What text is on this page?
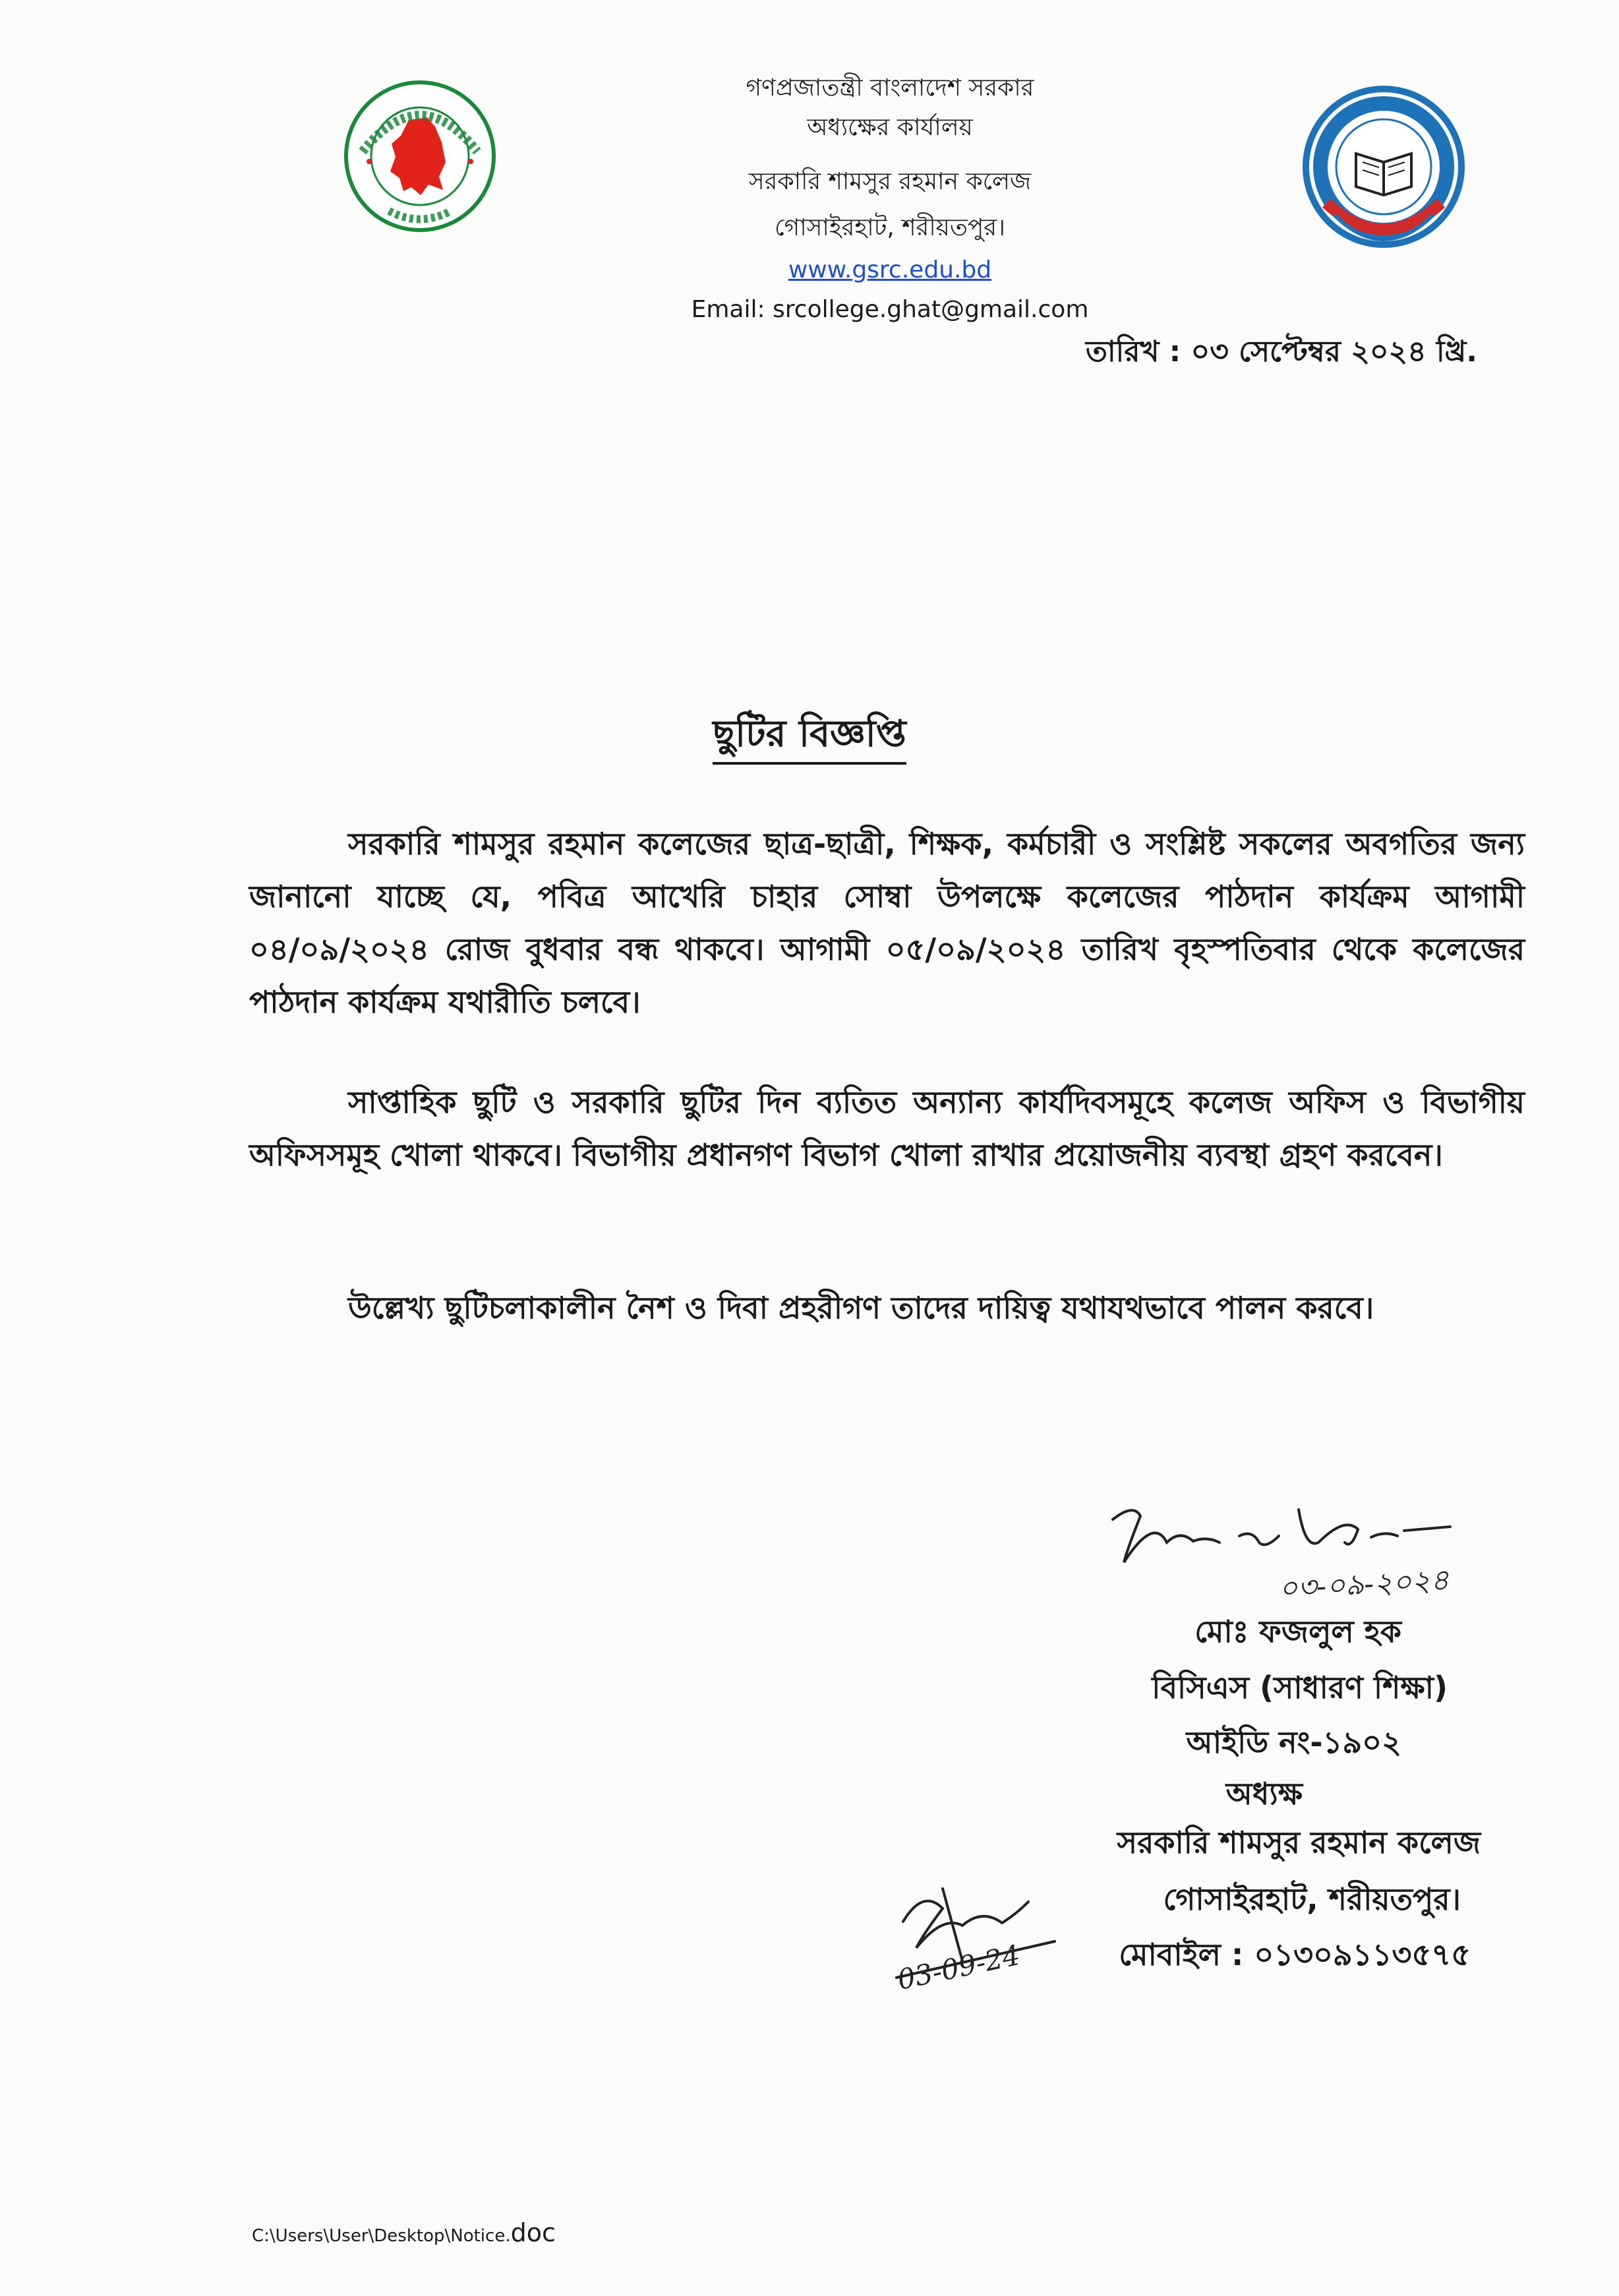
গণপ্রজাতন্ত্রী বাংলাদেশ সরকার
অধ্যক্ষের কার্যালয়
সরকারি শামসুর রহমান কলেজ
গোসাইরহাট, শরীয়তপুর।
www.gsrc.edu.bd
Email: srcollege.ghat@gmail.com
তারিখ : ০৩ সেপ্টেম্বর ২০২৪ খ্রি.
ছুটির বিজ্ঞপ্তি
সরকারি শামসুর রহমান কলেজের ছাত্র-ছাত্রী, শিক্ষক, কর্মচারী ও সংশ্লিষ্ট সকলের অবগতির জন্য জানানো যাচ্ছে যে, পবিত্র আখেরি চাহার সোম্বা উপলক্ষে কলেজের পাঠদান কার্যক্রম আগামী ০৪/০৯/২০২৪ রোজ বুধবার বন্ধ থাকবে। আগামী ০৫/০৯/২০২৪ তারিখ বৃহস্পতিবার থেকে কলেজের পাঠদান কার্যক্রম যথারীতি চলবে।
সাপ্তাহিক ছুটি ও সরকারি ছুটির দিন ব্যতিত অন্যান্য কার্যদিবসমূহে কলেজ অফিস ও বিভাগীয় অফিসসমূহ খোলা থাকবে। বিভাগীয় প্রধানগণ বিভাগ খোলা রাখার প্রয়োজনীয় ব্যবস্থা গ্রহণ করবেন।
উল্লেখ্য ছুটিচলাকালীন নৈশ ও দিবা প্রহরীগণ তাদের দায়িত্ব যথাযথভাবে পালন করবে।
০৩-০৯-২০২৪
মোঃ ফজলুল হক
বিসিএস (সাধারণ শিক্ষা)
আইডি নং-১৯০২
অধ্যক্ষ
সরকারি শামসুর রহমান কলেজ
গোসাইরহাট, শরীয়তপুর।
মোবাইল : ০১৩০৯১১৩৫৭৫
03-09-24
C:\Users\User\Desktop\Notice.doc
